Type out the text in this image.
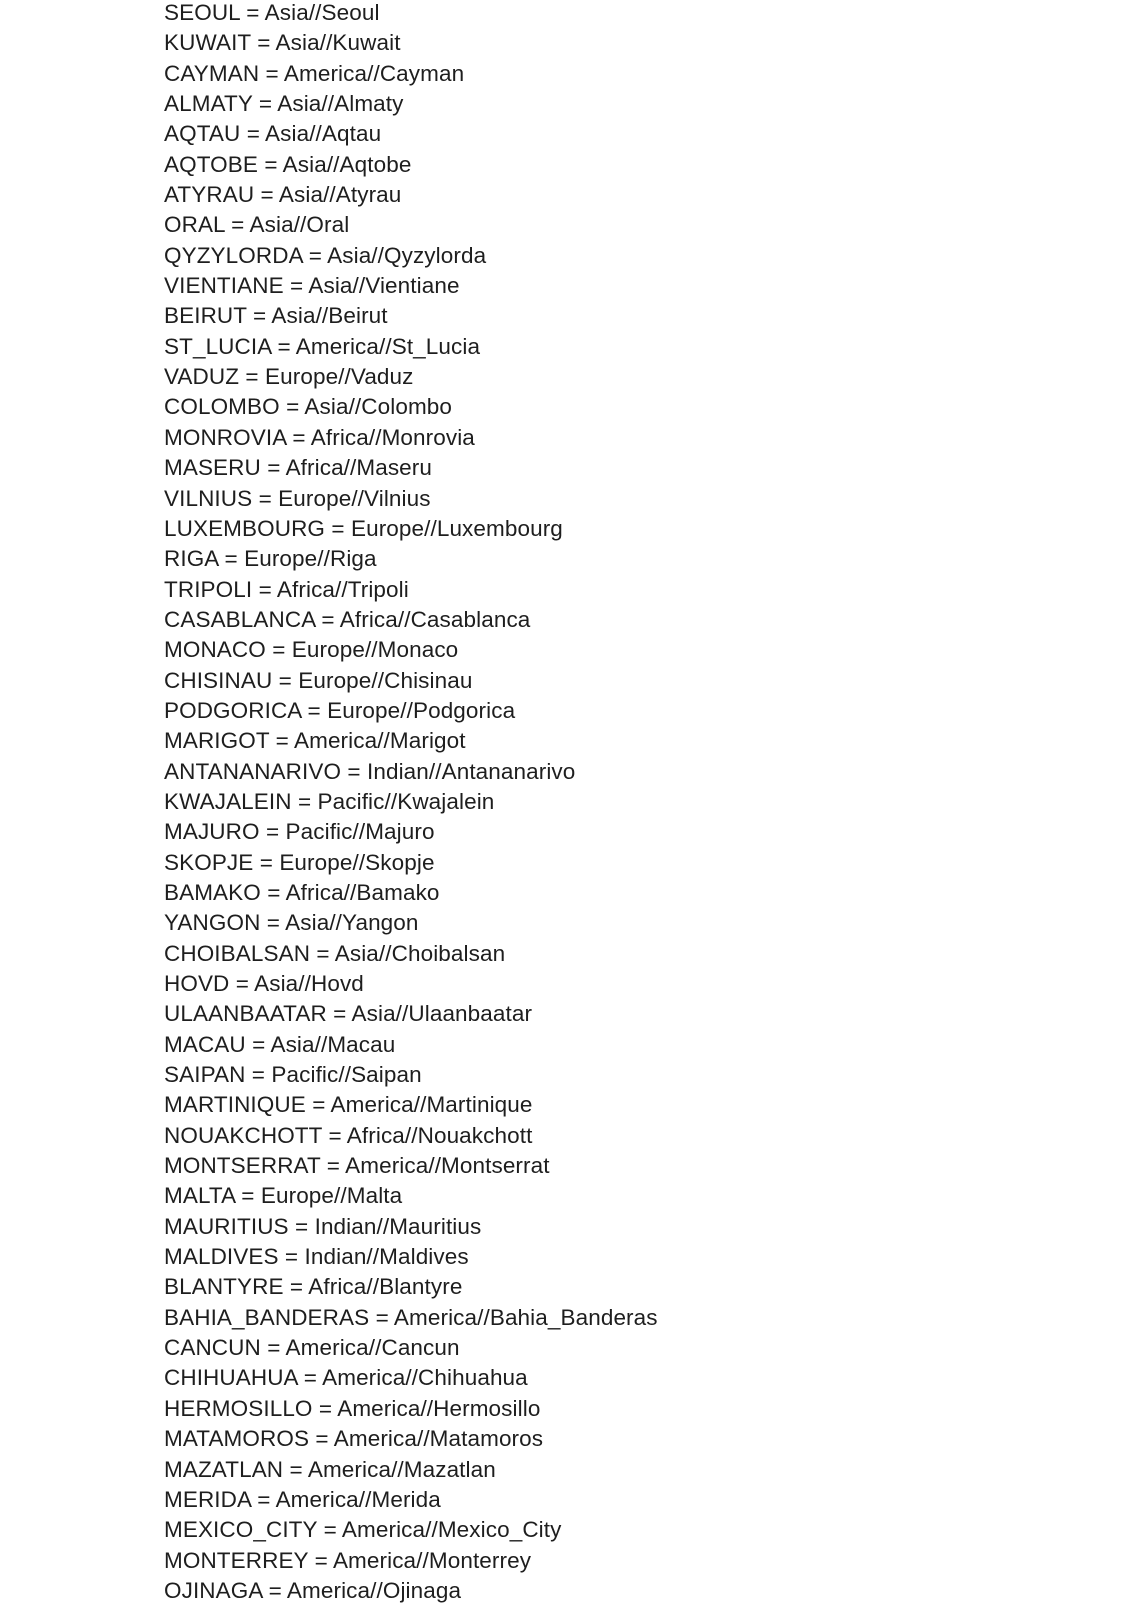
SEOUL = Asia//Seoul
KUWAIT = Asia//Kuwait
CAYMAN = America//Cayman
ALMATY = Asia//Almaty
AQTAU = Asia//Aqtau
AQTOBE = Asia//Aqtobe
ATYRAU = Asia//Atyrau
ORAL = Asia//Oral
QYZYLORDA = Asia//Qyzylorda
VIENTIANE = Asia//Vientiane
BEIRUT = Asia//Beirut
ST_LUCIA = America//St_Lucia
VADUZ = Europe//Vaduz
COLOMBO = Asia//Colombo
MONROVIA = Africa//Monrovia
MASERU = Africa//Maseru
VILNIUS = Europe//Vilnius
LUXEMBOURG = Europe//Luxembourg
RIGA = Europe//Riga
TRIPOLI = Africa//Tripoli
CASABLANCA = Africa//Casablanca
MONACO = Europe//Monaco
CHISINAU = Europe//Chisinau
PODGORICA = Europe//Podgorica
MARIGOT = America//Marigot
ANTANANARIVO = Indian//Antananarivo
KWAJALEIN = Pacific//Kwajalein
MAJURO = Pacific//Majuro
SKOPJE = Europe//Skopje
BAMAKO = Africa//Bamako
YANGON = Asia//Yangon
CHOIBALSAN = Asia//Choibalsan
HOVD = Asia//Hovd
ULAANBAATAR = Asia//Ulaanbaatar
MACAU = Asia//Macau
SAIPAN = Pacific//Saipan
MARTINIQUE = America//Martinique
NOUAKCHOTT = Africa//Nouakchott
MONTSERRAT = America//Montserrat
MALTA = Europe//Malta
MAURITIUS = Indian//Mauritius
MALDIVES = Indian//Maldives
BLANTYRE = Africa//Blantyre
BAHIA_BANDERAS = America//Bahia_Banderas
CANCUN = America//Cancun
CHIHUAHUA = America//Chihuahua
HERMOSILLO = America//Hermosillo
MATAMOROS = America//Matamoros
MAZATLAN = America//Mazatlan
MERIDA = America//Merida
MEXICO_CITY = America//Mexico_City
MONTERREY = America//Monterrey
OJINAGA = America//Ojinaga
